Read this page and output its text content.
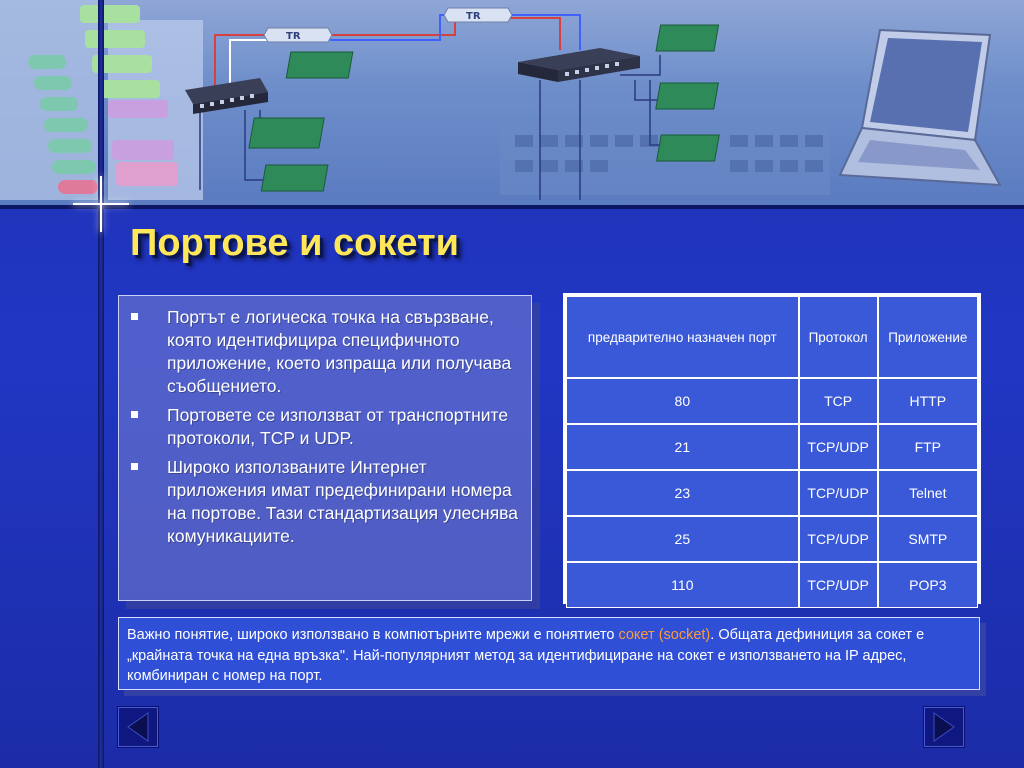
TR
TR
Портове и сокети
Портът е логическа точка на свързване, която идентифицира специфичното приложение, което изпраща или получава съобщението.
Портовете се използват от транспортните протоколи, TCP и UDP.
Широко използваните Интернет приложения имат предефинирани номера на портове. Тази стандартизация улеснява комуникациите.
предварително назначен порт	Протокол	Приложение
80	TCP	HTTP
21	TCP/UDP	FTP
23	TCP/UDP	Telnet
25	TCP/UDP	SMTP
110	TCP/UDP	POP3
Важно понятие, широко използвано в компютърните мрежи е понятието сокет (socket). Общата дефиниция за сокет е „крайната точка на една връзка". Най-популярният метод за идентифициране на сокет е използването на IP адрес, комбиниран с номер на порт.
